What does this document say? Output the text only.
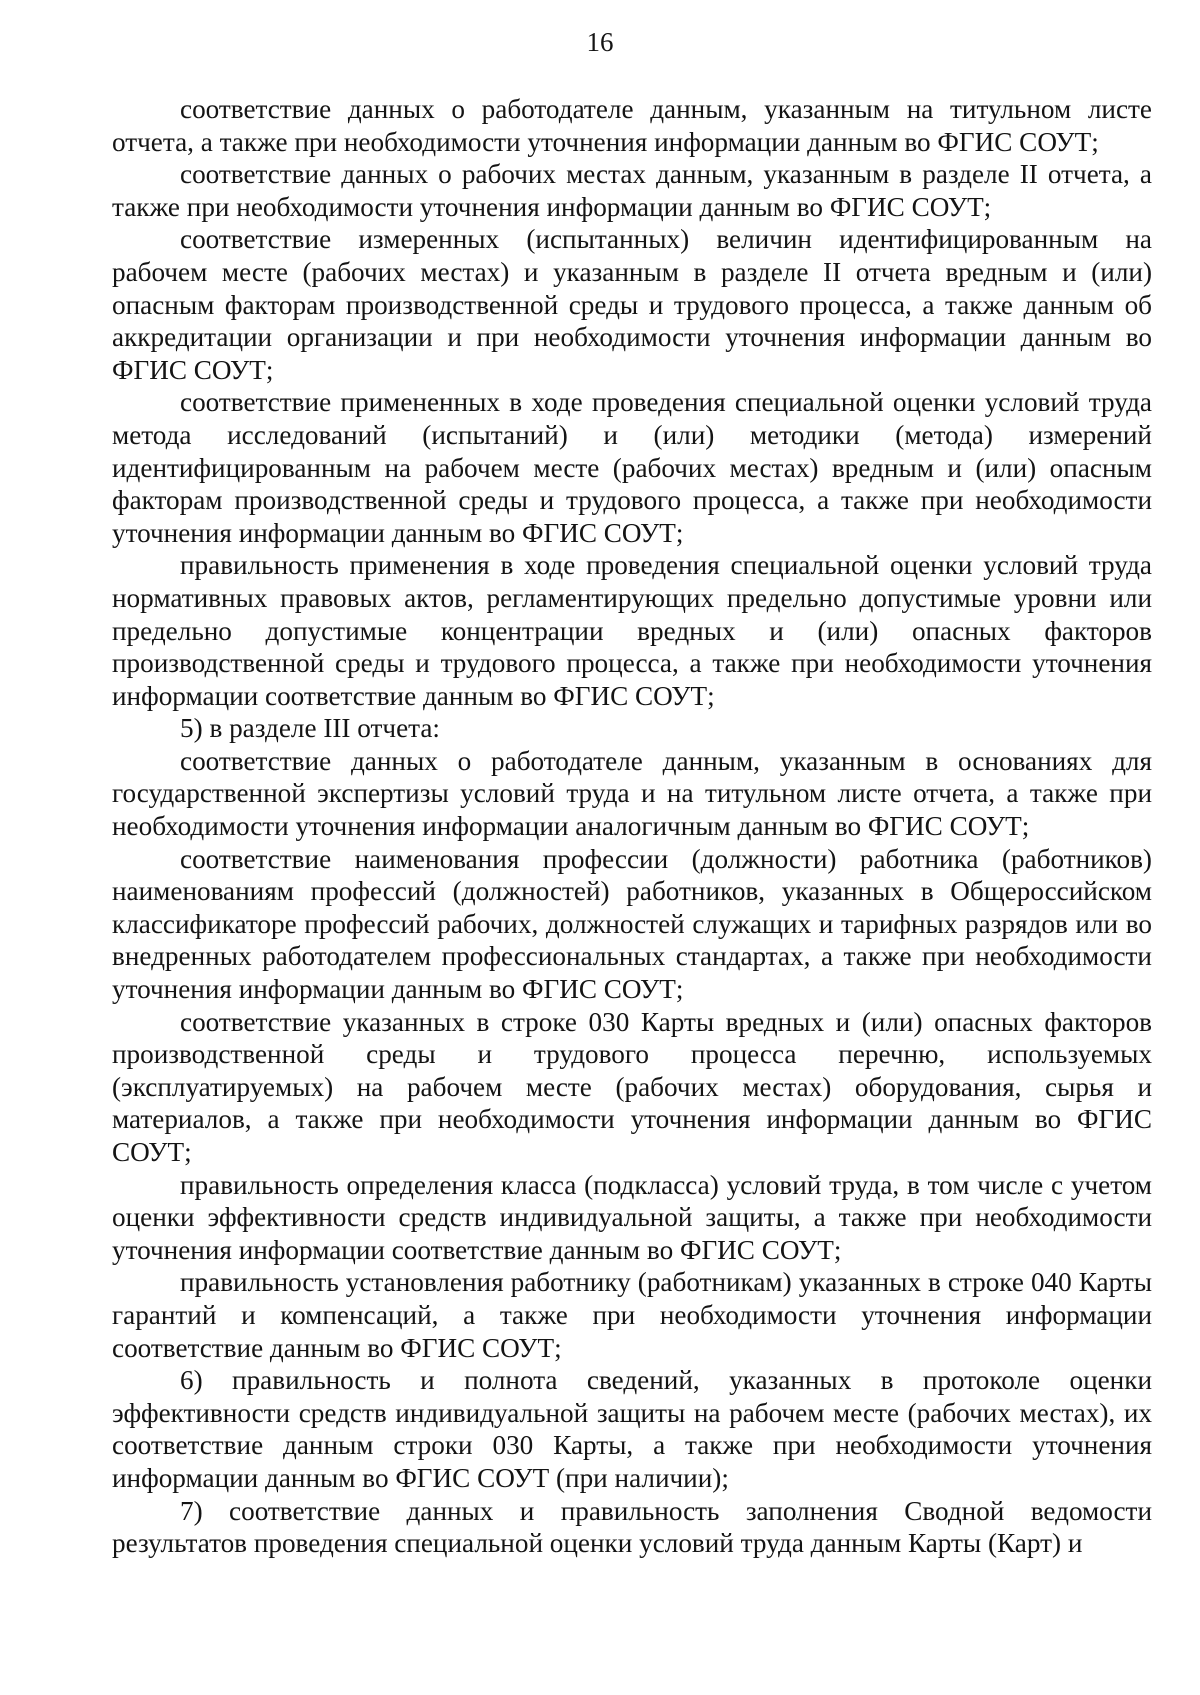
16

соответствие данных о работодателе данным, указанным на титульном листе отчета, а также при необходимости уточнения информации данным во ФГИС СОУТ;

соответствие данных о рабочих местах данным, указанным в разделе II отчета, а также при необходимости уточнения информации данным во ФГИС СОУТ;

соответствие измеренных (испытанных) величин идентифицированным на рабочем месте (рабочих местах) и указанным в разделе II отчета вредным и (или) опасным факторам производственной среды и трудового процесса, а также данным об аккредитации организации и при необходимости уточнения информации данным во ФГИС СОУТ;

соответствие примененных в ходе проведения специальной оценки условий труда метода исследований (испытаний) и (или) методики (метода) измерений идентифицированным на рабочем месте (рабочих местах) вредным и (или) опасным факторам производственной среды и трудового процесса, а также при необходимости уточнения информации данным во ФГИС СОУТ;

правильность применения в ходе проведения специальной оценки условий труда нормативных правовых актов, регламентирующих предельно допустимые уровни или предельно допустимые концентрации вредных и (или) опасных факторов производственной среды и трудового процесса, а также при необходимости уточнения информации соответствие данным во ФГИС СОУТ;

5) в разделе III отчета:

соответствие данных о работодателе данным, указанным в основаниях для государственной экспертизы условий труда и на титульном листе отчета, а также при необходимости уточнения информации аналогичным данным во ФГИС СОУТ;

соответствие наименования профессии (должности) работника (работников) наименованиям профессий (должностей) работников, указанных в Общероссийском классификаторе профессий рабочих, должностей служащих и тарифных разрядов или во внедренных работодателем профессиональных стандартах, а также при необходимости уточнения информации данным во ФГИС СОУТ;

соответствие указанных в строке 030 Карты вредных и (или) опасных факторов производственной среды и трудового процесса перечню, используемых (эксплуатируемых) на рабочем месте (рабочих местах) оборудования, сырья и материалов, а также при необходимости уточнения информации данным во ФГИС СОУТ;

правильность определения класса (подкласса) условий труда, в том числе с учетом оценки эффективности средств индивидуальной защиты, а также при необходимости уточнения информации соответствие данным во ФГИС СОУТ;

правильность установления работнику (работникам) указанных в строке 040 Карты гарантий и компенсаций, а также при необходимости уточнения информации соответствие данным во ФГИС СОУТ;

6) правильность и полнота сведений, указанных в протоколе оценки эффективности средств индивидуальной защиты на рабочем месте (рабочих местах), их соответствие данным строки 030 Карты, а также при необходимости уточнения информации данным во ФГИС СОУТ (при наличии);

7) соответствие данных и правильность заполнения Сводной ведомости результатов проведения специальной оценки условий труда данным Карты (Карт) и
